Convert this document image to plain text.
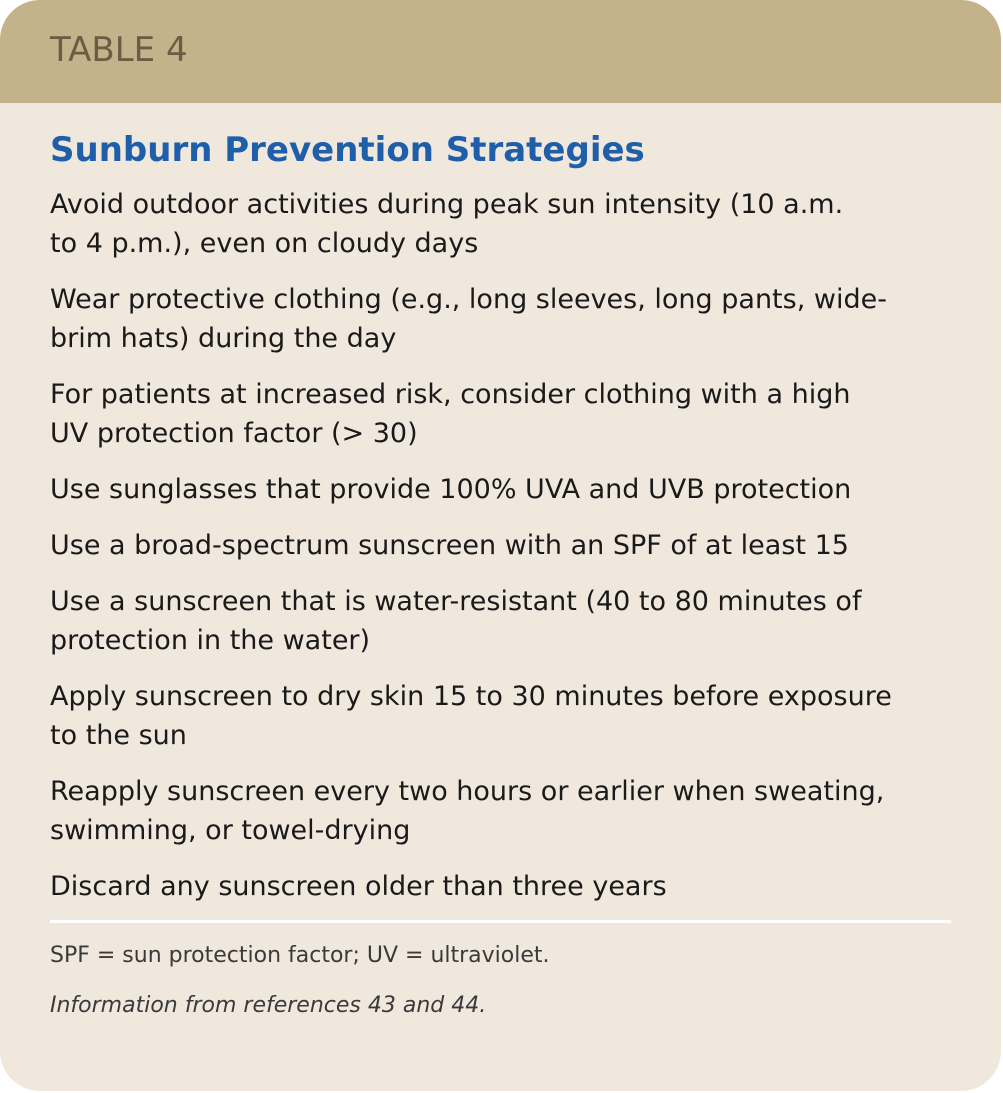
TABLE 4
Sunburn Prevention Strategies
Avoid outdoor activities during peak sun intensity (10 a.m.
to 4 p.m.), even on cloudy days
Wear protective clothing (e.g., long sleeves, long pants, wide-
brim hats) during the day
For patients at increased risk, consider clothing with a high
UV protection factor (> 30)
Use sunglasses that provide 100% UVA and UVB protection
Use a broad-spectrum sunscreen with an SPF of at least 15
Use a sunscreen that is water-resistant (40 to 80 minutes of
protection in the water)
Apply sunscreen to dry skin 15 to 30 minutes before exposure
to the sun
Reapply sunscreen every two hours or earlier when sweating,
swimming, or towel-drying
Discard any sunscreen older than three years
SPF = sun protection factor; UV = ultraviolet.
Information from references 43 and 44.
